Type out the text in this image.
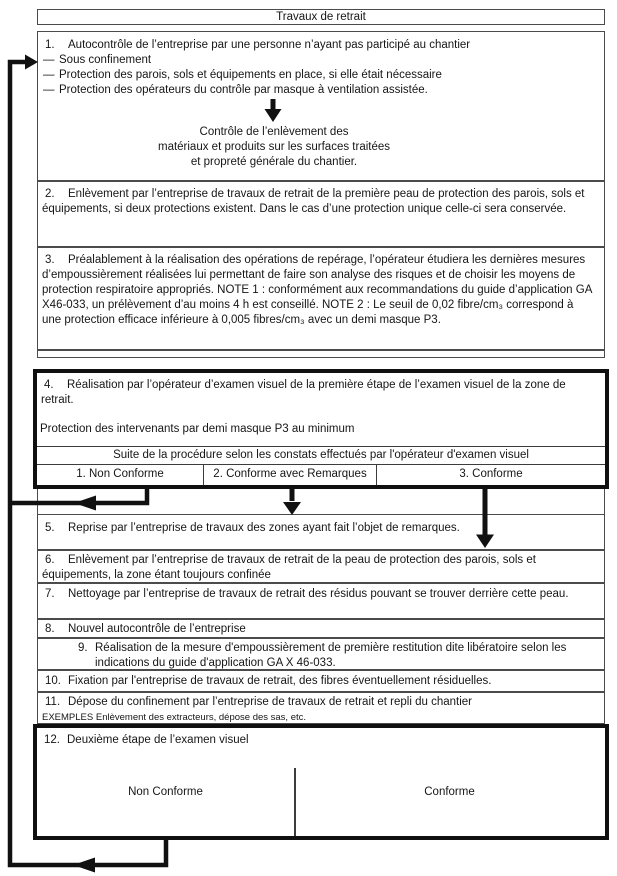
Travaux de retrait

1. Autocontrôle de l’entreprise par une personne n’ayant pas participé au chantier

— Sous confinement

— Protection des parois, sols et équipements en place, si elle était nécessaire

— Protection des opérateurs du contrôle par masque à ventilation assistée.

Contrôle de l’enlèvement des
matériaux et produits sur les surfaces traitées
et propreté générale du chantier.

2. Enlèvement par l’entreprise de travaux de retrait de la première peau de protection des parois, sols et équipements, si deux protections existent. Dans le cas d’une protection unique celle-ci sera conservée.

3. Préalablement à la réalisation des opérations de repérage, l’opérateur étudiera les dernières mesures d’empoussièrement réalisées lui permettant de faire son analyse des risques et de choisir les moyens de protection respiratoire appropriés. NOTE 1 : conformément aux recommandations du guide d’application GA X46-033, un prélèvement d’au moins 4 h est conseillé. NOTE 2 : Le seuil de 0,02 fibre/cm₃ correspond à une protection efficace inférieure à 0,005 fibres/cm₃ avec un demi masque P3.

4. Réalisation par l’opérateur d’examen visuel de la première étape de l’examen visuel de la zone de retrait.

Protection des intervenants par demi masque P3 au minimum

Suite de la procédure selon les constats effectués par l'opérateur d'examen visuel
1. Non Conforme	2. Conforme avec Remarques	3. Conforme

5. Reprise par l’entreprise de travaux des zones ayant fait l’objet de remarques.

6. Enlèvement par l’entreprise de travaux de retrait de la peau de protection des parois, sols et équipements, la zone étant toujours confinée

7. Nettoyage par l’entreprise de travaux de retrait des résidus pouvant se trouver derrière cette peau.

8. Nouvel autocontrôle de l’entreprise

9. Réalisation de la mesure d'empoussièrement de première restitution dite libératoire selon les indications du guide d'application GA X 46-033.

10. Fixation par l'entreprise de travaux de retrait, des fibres éventuellement résiduelles.

11. Dépose du confinement par l’entreprise de travaux de retrait et repli du chantier

EXEMPLES Enlèvement des extracteurs, dépose des sas, etc.

12. Deuxième étape de l’examen visuel

Non Conforme	Conforme
